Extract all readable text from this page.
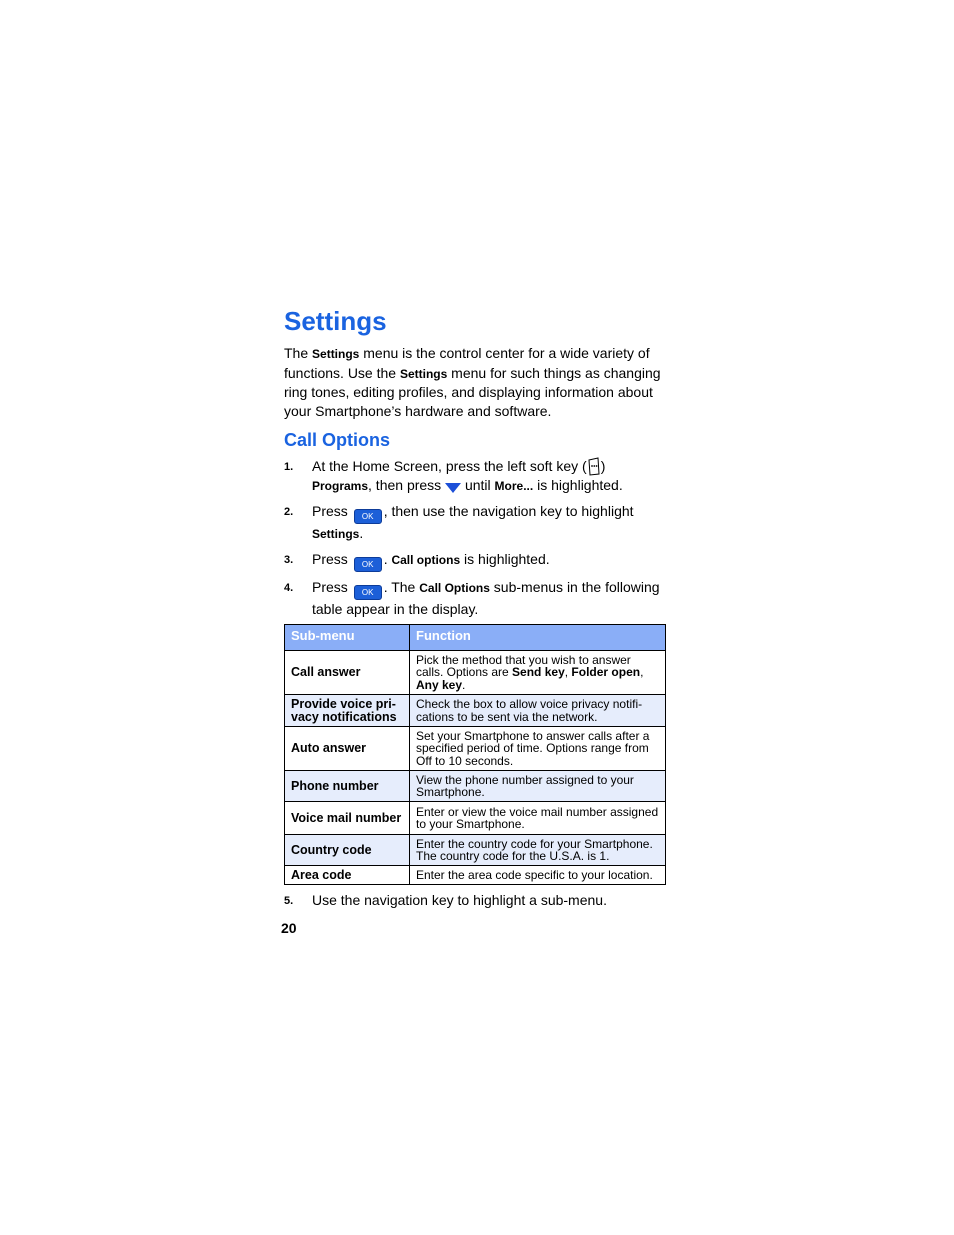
Settings

The Settings menu is the control center for a wide variety of functions. Use the Settings menu for such things as changing ring tones, editing profiles, and displaying information about your Smartphone’s hardware and software.

Call Options
1. At the Home Screen, press the left soft key ( )
Programs, then press  until More... is highlighted.
2. Press OK , then use the navigation key to highlight Settings.
3. Press OK . Call options is highlighted.
4. Press OK . The Call Options sub-menus in the following table appear in the display.
Sub-menu	Function
Call answer	Pick the method that you wish to answer calls. Options are Send key, Folder open, Any key.
Provide voice pri-vacy notifications	Check the box to allow voice privacy notifi-cations to be sent via the network.
Auto answer	Set your Smartphone to answer calls after a specified period of time. Options range from Off to 10 seconds.
Phone number	View the phone number assigned to your Smartphone.
Voice mail number	Enter or view the voice mail number assigned to your Smartphone.
Country code	Enter the country code for your Smartphone. The country code for the U.S.A. is 1.
Area code	Enter the area code specific to your location.
5. Use the navigation key to highlight a sub-menu.
20
